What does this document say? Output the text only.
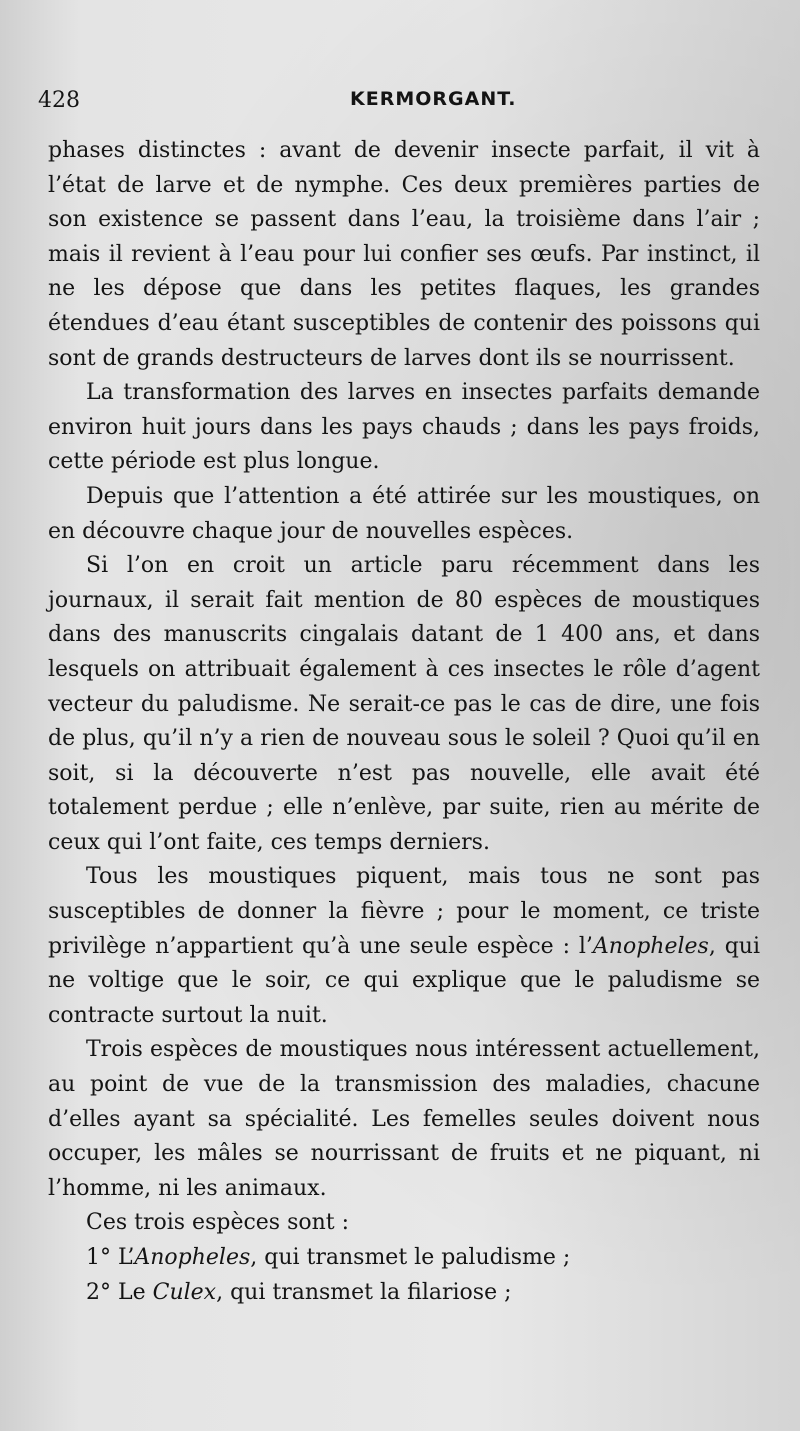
428	KERMORGANT.

phases distinctes : avant de devenir insecte parfait, il vit à l’état de larve et de nymphe. Ces deux premières parties de son existence se passent dans l’eau, la troisième dans l’air ; mais il revient à l’eau pour lui confier ses œufs. Par instinct, il ne les dépose que dans les petites flaques, les grandes étendues d’eau étant susceptibles de contenir des poissons qui sont de grands destructeurs de larves dont ils se nourrissent.

La transformation des larves en insectes parfaits demande environ huit jours dans les pays chauds ; dans les pays froids, cette période est plus longue.

Depuis que l’attention a été attirée sur les moustiques, on en découvre chaque jour de nouvelles espèces.

Si l’on en croit un article paru récemment dans les journaux, il serait fait mention de 80 espèces de moustiques dans des manuscrits cingalais datant de 1 400 ans, et dans lesquels on attribuait également à ces insectes le rôle d’agent vecteur du paludisme. Ne serait-ce pas le cas de dire, une fois de plus, qu’il n’y a rien de nouveau sous le soleil ? Quoi qu’il en soit, si la découverte n’est pas nouvelle, elle avait été totalement perdue ; elle n’enlève, par suite, rien au mérite de ceux qui l’ont faite, ces temps derniers.

Tous les moustiques piquent, mais tous ne sont pas susceptibles de donner la fièvre ; pour le moment, ce triste privilège n’appartient qu’à une seule espèce : l’Anopheles, qui ne voltige que le soir, ce qui explique que le paludisme se contracte surtout la nuit.

Trois espèces de moustiques nous intéressent actuellement, au point de vue de la transmission des maladies, chacune d’elles ayant sa spécialité. Les femelles seules doivent nous occuper, les mâles se nourrissant de fruits et ne piquant, ni l’homme, ni les animaux.

Ces trois espèces sont :

1° L’Anopheles, qui transmet le paludisme ;

2° Le Culex, qui transmet la filariose ;
